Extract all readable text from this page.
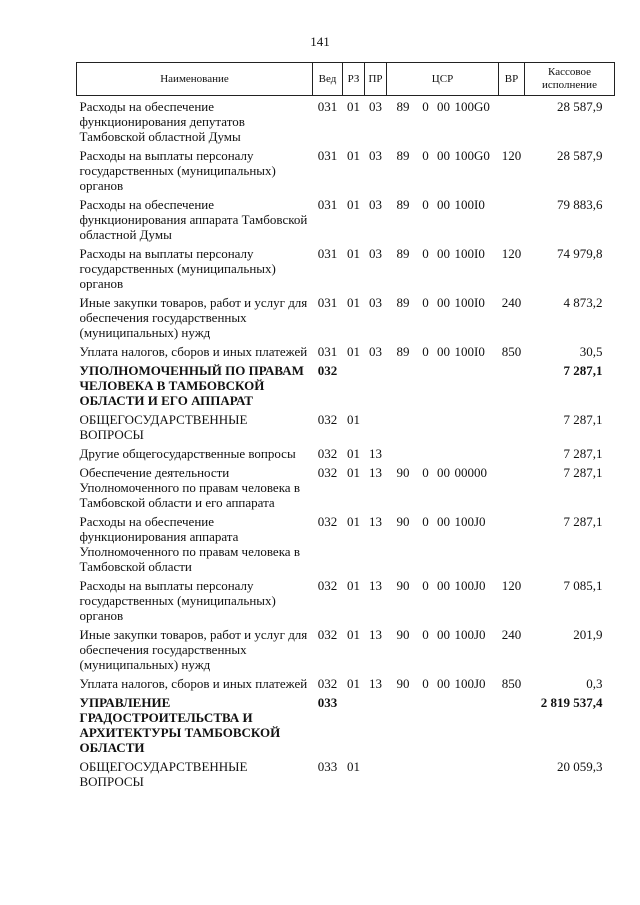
141
Наименование	Вед	РЗ	ПР	ЦСР	ВР	Кассовое исполнение
Расходы на обеспечение функционирования депутатов Тамбовской областной Думы	031	01	03	89 0 00 100G0		28 587,9
Расходы на выплаты персоналу государственных (муниципальных) органов	031	01	03	89 0 00 100G0	120	28 587,9
Расходы на обеспечение функционирования аппарата Тамбовской областной Думы	031	01	03	89 0 00 100I0		79 883,6
Расходы на выплаты персоналу государственных (муниципальных) органов	031	01	03	89 0 00 100I0	120	74 979,8
Иные закупки товаров, работ и услуг для обеспечения государственных (муниципальных) нужд	031	01	03	89 0 00 100I0	240	4 873,2
Уплата налогов, сборов и иных платежей	031	01	03	89 0 00 100I0	850	30,5
УПОЛНОМОЧЕННЫЙ ПО ПРАВАМ ЧЕЛОВЕКА В ТАМБОВСКОЙ ОБЛАСТИ И ЕГО АППАРАТ	032					7 287,1
ОБЩЕГОСУДАРСТВЕННЫЕ ВОПРОСЫ	032	01				7 287,1
Другие общегосударственные вопросы	032	01	13			7 287,1
Обеспечение деятельности Уполномоченного по правам человека в Тамбовской области и его аппарата	032	01	13	90 0 00 00000		7 287,1
Расходы на обеспечение функционирования аппарата Уполномоченного по правам человека в Тамбовской области	032	01	13	90 0 00 100J0		7 287,1
Расходы на выплаты персоналу государственных (муниципальных) органов	032	01	13	90 0 00 100J0	120	7 085,1
Иные закупки товаров, работ и услуг для обеспечения государственных (муниципальных) нужд	032	01	13	90 0 00 100J0	240	201,9
Уплата налогов, сборов и иных платежей	032	01	13	90 0 00 100J0	850	0,3
УПРАВЛЕНИЕ ГРАДОСТРОИТЕЛЬСТВА И АРХИТЕКТУРЫ ТАМБОВСКОЙ ОБЛАСТИ	033					2 819 537,4
ОБЩЕГОСУДАРСТВЕННЫЕ ВОПРОСЫ	033	01				20 059,3
